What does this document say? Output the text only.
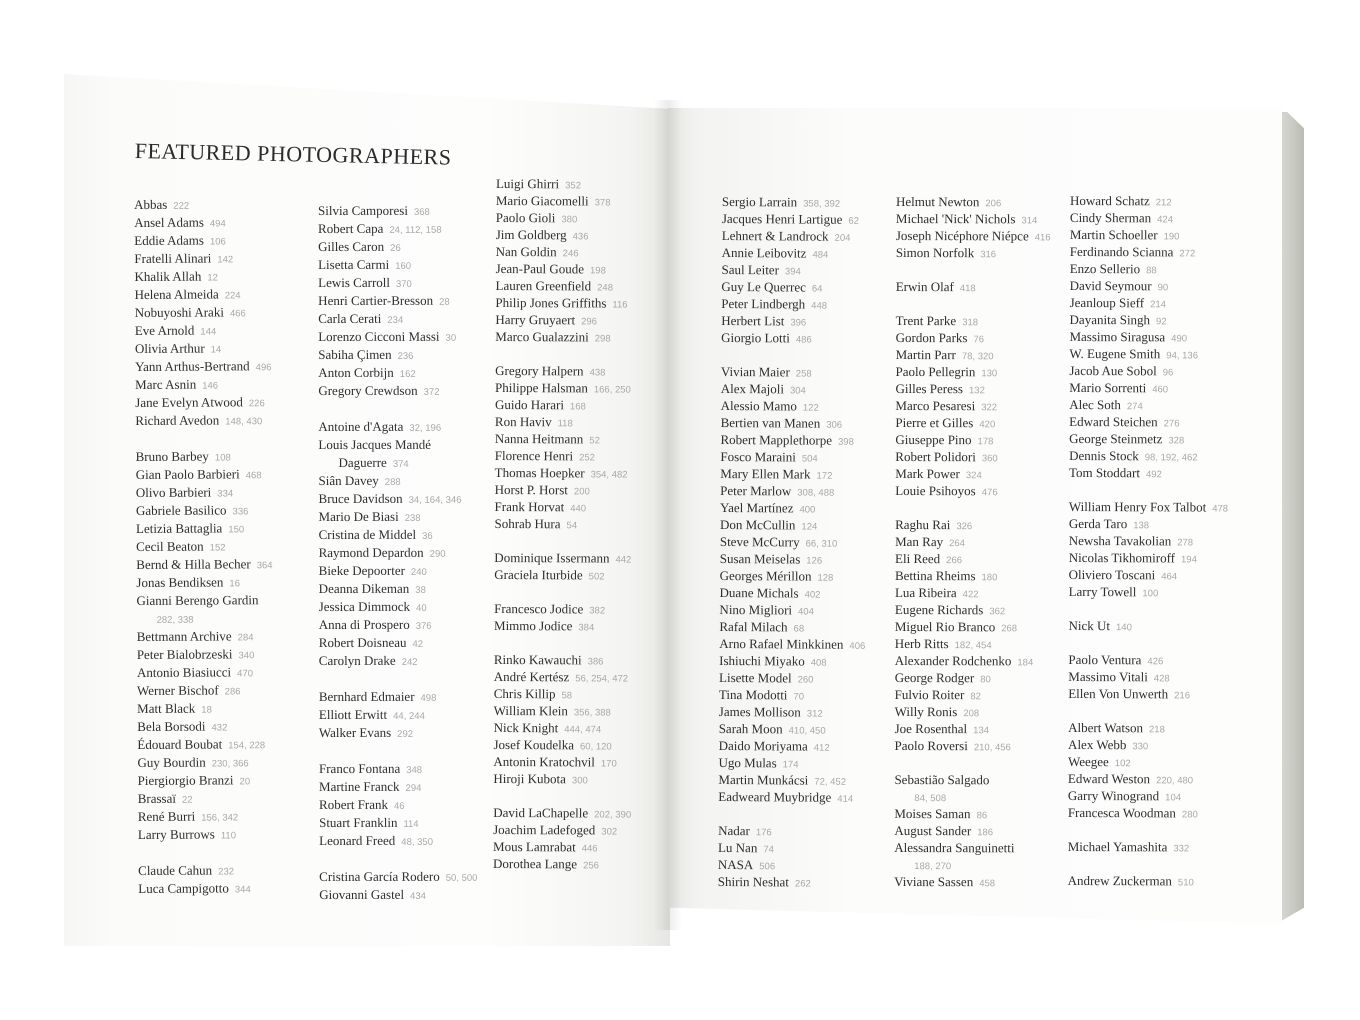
FEATURED PHOTOGRAPHERS
Abbas 222
Ansel Adams 494
Eddie Adams 106
Fratelli Alinari 142
Khalik Allah 12
Helena Almeida 224
Nobuyoshi Araki 466
Eve Arnold 144
Olivia Arthur 14
Yann Arthus-Bertrand 496
Marc Asnin 146
Jane Evelyn Atwood 226
Richard Avedon 148, 430
Bruno Barbey 108
Gian Paolo Barbieri 468
Olivo Barbieri 334
Gabriele Basilico 336
Letizia Battaglia 150
Cecil Beaton 152
Bernd & Hilla Becher 364
Jonas Bendiksen 16
Gianni Berengo Gardin
282, 338
Bettmann Archive 284
Peter Bialobrzeski 340
Antonio Biasiucci 470
Werner Bischof 286
Matt Black 18
Bela Borsodi 432
Édouard Boubat 154, 228
Guy Bourdin 230, 366
Piergiorgio Branzi 20
Brassaï 22
René Burri 156, 342
Larry Burrows 110
Claude Cahun 232
Luca Campigotto 344
Silvia Camporesi 368
Robert Capa 24, 112, 158
Gilles Caron 26
Lisetta Carmi 160
Lewis Carroll 370
Henri Cartier-Bresson 28
Carla Cerati 234
Lorenzo Cicconi Massi 30
Sabiha Çimen 236
Anton Corbijn 162
Gregory Crewdson 372
Antoine d'Agata 32, 196
Louis Jacques Mandé
Daguerre 374
Siân Davey 288
Bruce Davidson 34, 164, 346
Mario De Biasi 238
Cristina de Middel 36
Raymond Depardon 290
Bieke Depoorter 240
Deanna Dikeman 38
Jessica Dimmock 40
Anna di Prospero 376
Robert Doisneau 42
Carolyn Drake 242
Bernhard Edmaier 498
Elliott Erwitt 44, 244
Walker Evans 292
Franco Fontana 348
Martine Franck 294
Robert Frank 46
Stuart Franklin 114
Leonard Freed 48, 350
Cristina García Rodero 50, 500
Giovanni Gastel 434
Luigi Ghirri 352
Mario Giacomelli 378
Paolo Gioli 380
Jim Goldberg 436
Nan Goldin 246
Jean-Paul Goude 198
Lauren Greenfield 248
Philip Jones Griffiths 116
Harry Gruyaert 296
Marco Gualazzini 298
Gregory Halpern 438
Philippe Halsman 166, 250
Guido Harari 168
Ron Haviv 118
Nanna Heitmann 52
Florence Henri 252
Thomas Hoepker 354, 482
Horst P. Horst 200
Frank Horvat 440
Sohrab Hura 54
Dominique Issermann 442
Graciela Iturbide 502
Francesco Jodice 382
Mimmo Jodice 384
Rinko Kawauchi 386
André Kertész 56, 254, 472
Chris Killip 58
William Klein 356, 388
Nick Knight 444, 474
Josef Koudelka 60, 120
Antonin Kratochvil 170
Hiroji Kubota 300
David LaChapelle 202, 390
Joachim Ladefoged 302
Mous Lamrabat 446
Dorothea Lange 256
Sergio Larrain 358, 392
Jacques Henri Lartigue 62
Lehnert & Landrock 204
Annie Leibovitz 484
Saul Leiter 394
Guy Le Querrec 64
Peter Lindbergh 448
Herbert List 396
Giorgio Lotti 486
Vivian Maier 258
Alex Majoli 304
Alessio Mamo 122
Bertien van Manen 306
Robert Mapplethorpe 398
Fosco Maraini 504
Mary Ellen Mark 172
Peter Marlow 308, 488
Yael Martínez 400
Don McCullin 124
Steve McCurry 66, 310
Susan Meiselas 126
Georges Mérillon 128
Duane Michals 402
Nino Migliori 404
Rafal Milach 68
Arno Rafael Minkkinen 406
Ishiuchi Miyako 408
Lisette Model 260
Tina Modotti 70
James Mollison 312
Sarah Moon 410, 450
Daido Moriyama 412
Ugo Mulas 174
Martin Munkácsi 72, 452
Eadweard Muybridge 414
Nadar 176
Lu Nan 74
NASA 506
Shirin Neshat 262
Helmut Newton 206
Michael 'Nick' Nichols 314
Joseph Nicéphore Niépce 416
Simon Norfolk 316
Erwin Olaf 418
Trent Parke 318
Gordon Parks 76
Martin Parr 78, 320
Paolo Pellegrin 130
Gilles Peress 132
Marco Pesaresi 322
Pierre et Gilles 420
Giuseppe Pino 178
Robert Polidori 360
Mark Power 324
Louie Psihoyos 476
Raghu Rai 326
Man Ray 264
Eli Reed 266
Bettina Rheims 180
Lua Ribeira 422
Eugene Richards 362
Miguel Rio Branco 268
Herb Ritts 182, 454
Alexander Rodchenko 184
George Rodger 80
Fulvio Roiter 82
Willy Ronis 208
Joe Rosenthal 134
Paolo Roversi 210, 456
Sebastião Salgado
84, 508
Moises Saman 86
August Sander 186
Alessandra Sanguinetti
188, 270
Viviane Sassen 458
Howard Schatz 212
Cindy Sherman 424
Martin Schoeller 190
Ferdinando Scianna 272
Enzo Sellerio 88
David Seymour 90
Jeanloup Sieff 214
Dayanita Singh 92
Massimo Siragusa 490
W. Eugene Smith 94, 136
Jacob Aue Sobol 96
Mario Sorrenti 460
Alec Soth 274
Edward Steichen 276
George Steinmetz 328
Dennis Stock 98, 192, 462
Tom Stoddart 492
William Henry Fox Talbot 478
Gerda Taro 138
Newsha Tavakolian 278
Nicolas Tikhomiroff 194
Oliviero Toscani 464
Larry Towell 100
Nick Ut 140
Paolo Ventura 426
Massimo Vitali 428
Ellen Von Unwerth 216
Albert Watson 218
Alex Webb 330
Weegee 102
Edward Weston 220, 480
Garry Winogrand 104
Francesca Woodman 280
Michael Yamashita 332
Andrew Zuckerman 510
